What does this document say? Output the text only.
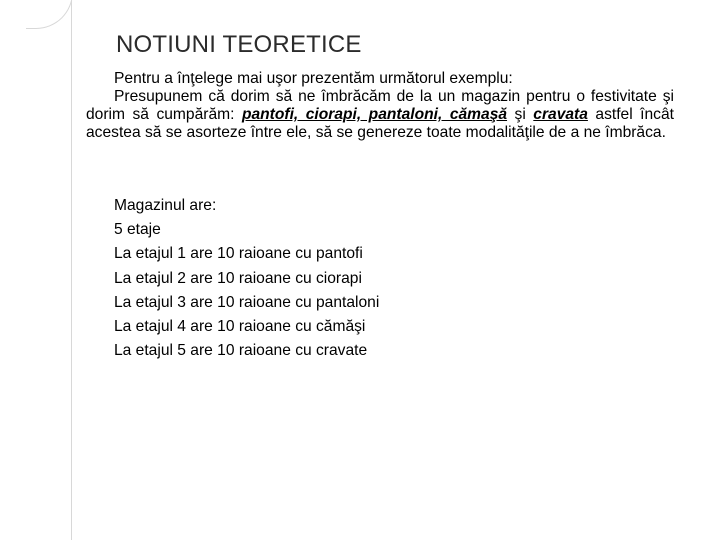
NOTIUNI TEORETICE

Pentru a înţelege mai uşor prezentăm următorul exemplu:

Presupunem că dorim să ne îmbrăcăm de la un magazin pentru o festivitate şi dorim să cumpărăm: pantofi, ciorapi, pantaloni, cămaşă şi cravata astfel încât acestea să se asorteze între ele, să se genereze toate modalităţile de a ne îmbrăca.

Magazinul are:
5 etaje
La etajul 1 are 10 raioane cu pantofi
La etajul 2 are 10 raioane cu ciorapi
La etajul 3 are 10 raioane cu pantaloni
La etajul 4 are 10 raioane cu cămăşi
La etajul 5 are 10 raioane cu cravate
